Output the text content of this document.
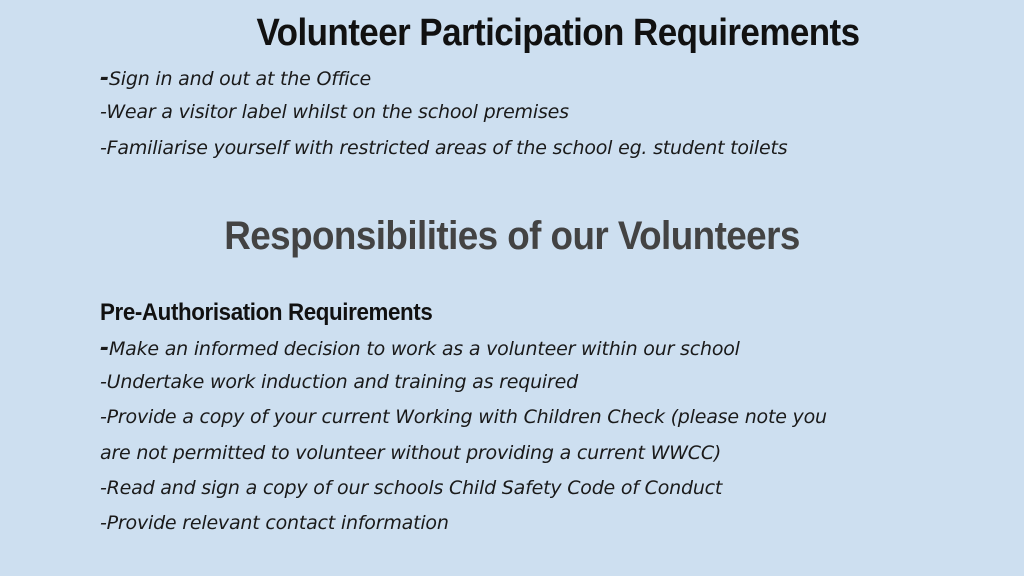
Volunteer Participation Requirements
-Sign in and out at the Office
-Wear a visitor label whilst on the school premises
-Familiarise yourself with restricted areas of the school eg. student toilets
Responsibilities of our Volunteers
Pre-Authorisation Requirements
-Make an informed decision to work as a volunteer within our school
-Undertake work induction and training as required
-Provide a copy of your current Working with Children Check (please note you
are not permitted to volunteer without providing a current WWCC)
-Read and sign a copy of our schools Child Safety Code of Conduct
-Provide relevant contact information
